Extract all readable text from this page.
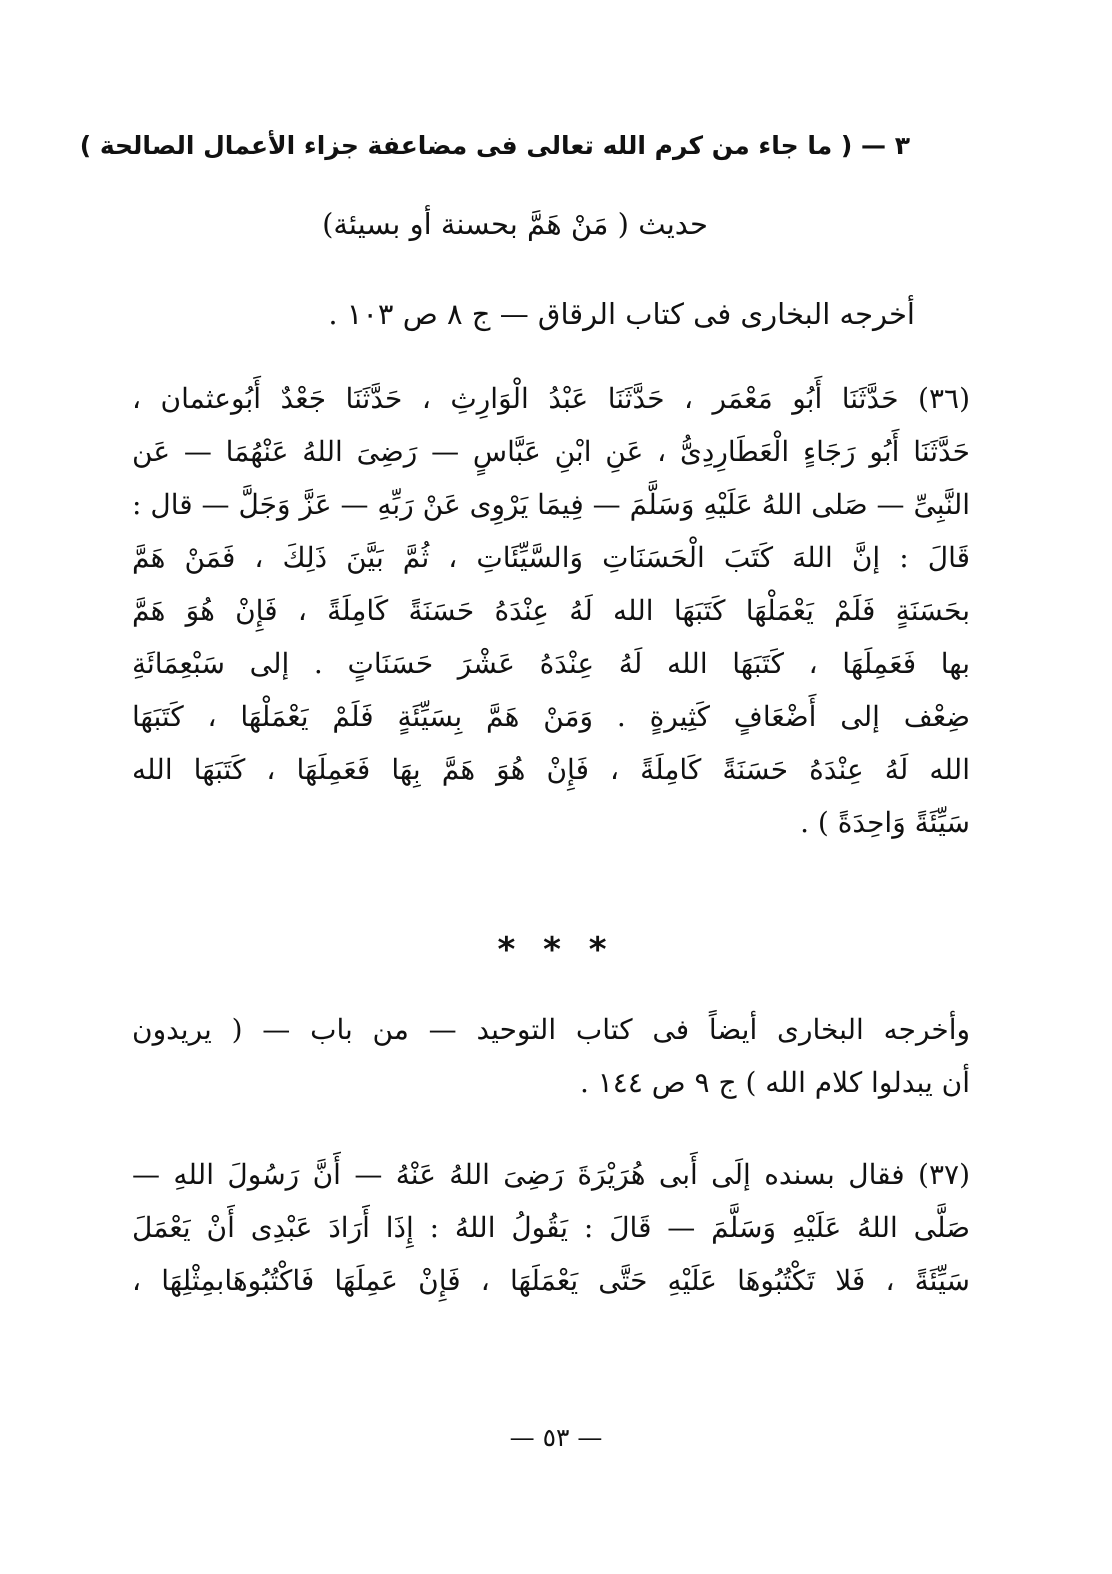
٣ — ( ما جاء من كرم الله تعالى فى مضاعفة جزاء الأعمال الصالحة )
حديث ( مَنْ هَمَّ بحسنة أو بسيئة)
أخرجه البخارى فى كتاب الرقاق — ج ٨ ص ١٠٣ .
(٣٦) حَدَّثَنَا أَبُو مَعْمَر ، حَدَّثَنَا عَبْدُ الْوَارِثِ ، حَدَّثَنَا جَعْدٌ أَبُوعثمان ،
حَدَّثَنَا أَبُو رَجَاءٍ الْعَطَارِدِىُّ ، عَنِ ابْنِ عَبَّاسٍ — رَضِىَ اللهُ عَنْهُمَا — عَن
النَّبِىِّ — صَلى اللهُ عَلَيْهِ وَسَلَّمَ — فِيمَا يَرْوِى عَنْ رَبِّهِ — عَزَّ وَجَلَّ — قال :
قَالَ : إنَّ اللهَ كَتَبَ الْحَسَنَاتِ وَالسَّيِّئَاتِ ، ثُمَّ بَيَّنَ ذَلِكَ ، فَمَنْ هَمَّ
بحَسَنَةٍ فَلَمْ يَعْمَلْهَا كَتَبَهَا الله لَهُ عِنْدَهُ حَسَنَةً كَامِلَةً ، فَإِنْ هُوَ هَمَّ
بها فَعَمِلَهَا ، كَتَبَهَا الله لَهُ عِنْدَهُ عَشْرَ حَسَنَاتٍ . إلى سَبْعِمَائَةِ
ضِعْف إلى أَضْعَافٍ كَثِيرةٍ . وَمَنْ هَمَّ بِسَيِّئَةٍ فَلَمْ يَعْمَلْهَا ، كَتَبَهَا
الله لَهُ عِنْدَهُ حَسَنَةً كَامِلَةً ، فَإِنْ هُوَ هَمَّ بِهَا فَعَمِلَهَا ، كَتَبَهَا الله
سَيِّئَةً وَاحِدَةً ) .
* * *
وأخرجه البخارى أيضاً فى كتاب التوحيد — من باب — ( يريدون
أن يبدلوا كلام الله ) ج ٩ ص ١٤٤ .
(٣٧) فقال بسنده إلَى أَبى هُرَيْرَةَ رَضِىَ اللهُ عَنْهُ — أَنَّ رَسُولَ اللهِ —
صَلَّى اللهُ عَلَيْهِ وَسَلَّمَ — قَالَ : يَقُولُ اللهُ : إِذَا أَرَادَ عَبْدِى أَنْ يَعْمَلَ
سَيِّئَةً ، فَلا تَكْتُبُوهَا عَلَيْهِ حَتَّى يَعْمَلَهَا ، فَإِنْ عَمِلَهَا فَاكْتُبُوهَابمِثْلِهَا ،
— ٥٣ —
